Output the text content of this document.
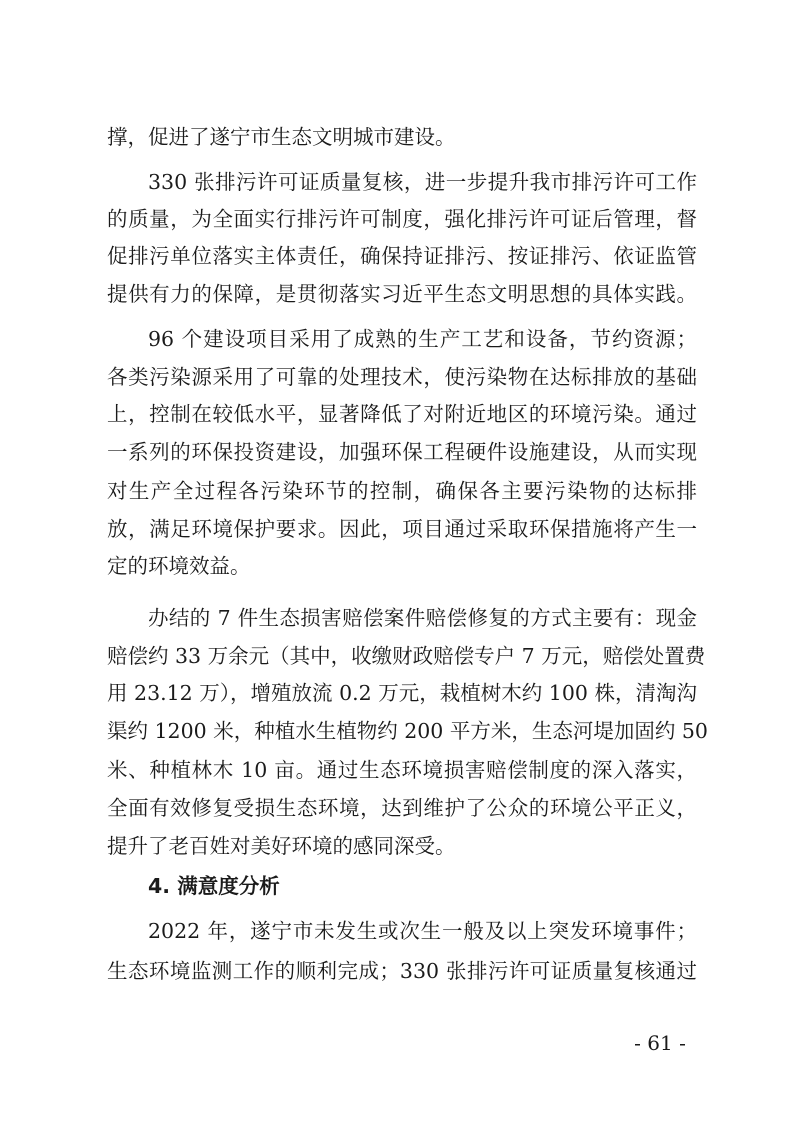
撑，促进了遂宁市生态文明城市建设。
330 张排污许可证质量复核，进一步提升我市排污许可工作
的质量，为全面实行排污许可制度，强化排污许可证后管理，督
促排污单位落实主体责任，确保持证排污、按证排污、依证监管
提供有力的保障，是贯彻落实习近平生态文明思想的具体实践。
96 个建设项目采用了成熟的生产工艺和设备，节约资源；
各类污染源采用了可靠的处理技术，使污染物在达标排放的基础
上，控制在较低水平，显著降低了对附近地区的环境污染。通过
一系列的环保投资建设，加强环保工程硬件设施建设，从而实现
对生产全过程各污染环节的控制，确保各主要污染物的达标排
放，满足环境保护要求。因此，项目通过采取环保措施将产生一
定的环境效益。
办结的 7 件生态损害赔偿案件赔偿修复的方式主要有：现金
赔偿约 33 万余元（其中，收缴财政赔偿专户 7 万元，赔偿处置费
用 23.12 万），增殖放流 0.2 万元，栽植树木约 100 株，清淘沟
渠约 1200 米，种植水生植物约 200 平方米，生态河堤加固约 50
米、种植林木 10 亩。通过生态环境损害赔偿制度的深入落实，
全面有效修复受损生态环境，达到维护了公众的环境公平正义，
提升了老百姓对美好环境的感同深受。
4. 满意度分析
2022 年，遂宁市未发生或次生一般及以上突发环境事件；
生态环境监测工作的顺利完成；330 张排污许可证质量复核通过
- 61 -
